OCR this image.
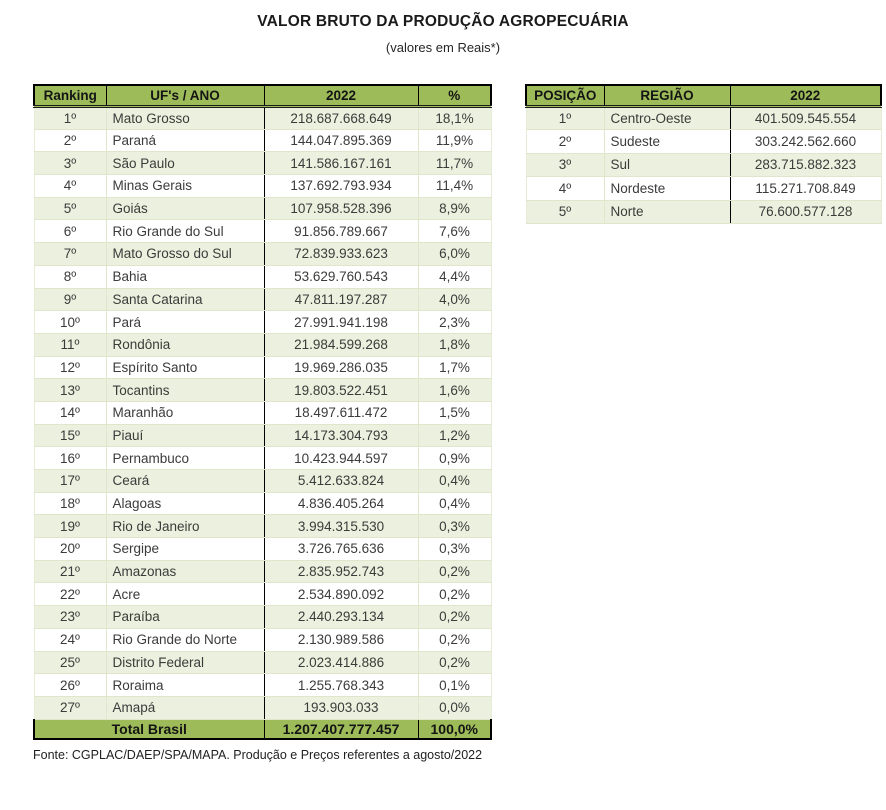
VALOR BRUTO DA PRODUÇÃO AGROPECUÁRIA
(valores em Reais*)
Ranking	UF's / ANO	2022	%
1º	Mato Grosso	218.687.668.649	18,1%
2º	Paraná	144.047.895.369	11,9%
3º	São Paulo	141.586.167.161	11,7%
4º	Minas Gerais	137.692.793.934	11,4%
5º	Goiás	107.958.528.396	8,9%
6º	Rio Grande do Sul	91.856.789.667	7,6%
7º	Mato Grosso do Sul	72.839.933.623	6,0%
8º	Bahia	53.629.760.543	4,4%
9º	Santa Catarina	47.811.197.287	4,0%
10º	Pará	27.991.941.198	2,3%
11º	Rondônia	21.984.599.268	1,8%
12º	Espírito Santo	19.969.286.035	1,7%
13º	Tocantins	19.803.522.451	1,6%
14º	Maranhão	18.497.611.472	1,5%
15º	Piauí	14.173.304.793	1,2%
16º	Pernambuco	10.423.944.597	0,9%
17º	Ceará	5.412.633.824	0,4%
18º	Alagoas	4.836.405.264	0,4%
19º	Rio de Janeiro	3.994.315.530	0,3%
20º	Sergipe	3.726.765.636	0,3%
21º	Amazonas	2.835.952.743	0,2%
22º	Acre	2.534.890.092	0,2%
23º	Paraíba	2.440.293.134	0,2%
24º	Rio Grande do Norte	2.130.989.586	0,2%
25º	Distrito Federal	2.023.414.886	0,2%
26º	Roraima	1.255.768.343	0,1%
27º	Amapá	193.903.033	0,0%
Total Brasil		1.207.407.777.457	100,0%
POSIÇÃO	REGIÃO	2022
1º	Centro-Oeste	401.509.545.554
2º	Sudeste	303.242.562.660
3º	Sul	283.715.882.323
4º	Nordeste	115.271.708.849
5º	Norte	76.600.577.128
Fonte: CGPLAC/DAEP/SPA/MAPA. Produção e Preços referentes a agosto/2022
